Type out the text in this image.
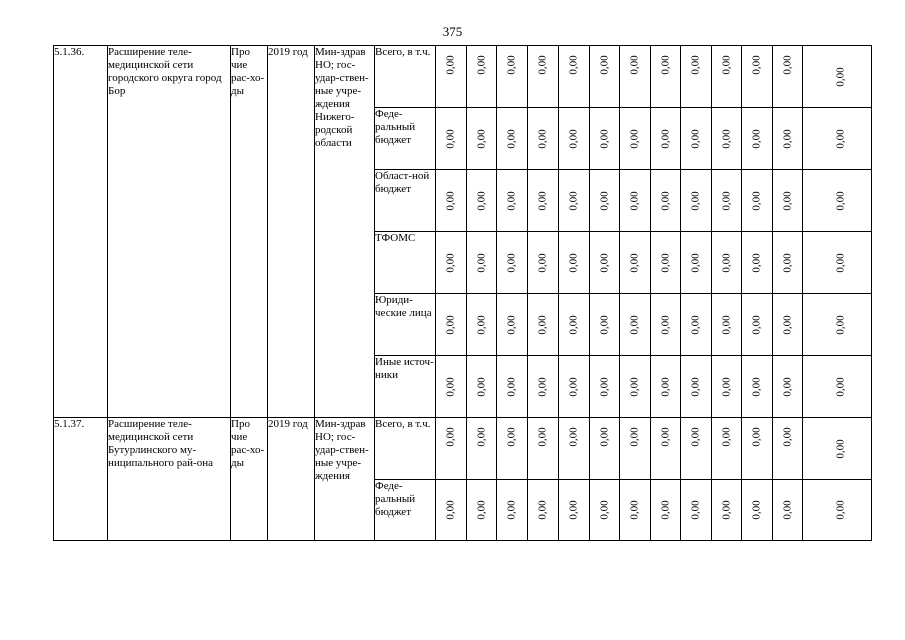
375
5.1.36.	Расширение теле-медицинской сети городского округа город Бор	Про чие рас-хо-ды	2019 год	Мин-здрав НО; гос-удар-ствен-ные учре-ждения Нижего-родской области	Всего, в т.ч.	0,00	0,00	0,00	0,00	0,00	0,00	0,00	0,00	0,00	0,00	0,00	0,00	0,00

					Феде-ральный бюджет	0,00	0,00	0,00	0,00	0,00	0,00	0,00	0,00	0,00	0,00	0,00	0,00	0,00

					Област-ной бюджет	0,00	0,00	0,00	0,00	0,00	0,00	0,00	0,00	0,00	0,00	0,00	0,00	0,00

					ТФОМС	0,00	0,00	0,00	0,00	0,00	0,00	0,00	0,00	0,00	0,00	0,00	0,00	0,00

					Юриди-ческие лица	0,00	0,00	0,00	0,00	0,00	0,00	0,00	0,00	0,00	0,00	0,00	0,00	0,00

					Иные источ-ники	0,00	0,00	0,00	0,00	0,00	0,00	0,00	0,00	0,00	0,00	0,00	0,00	0,00

5.1.37.	Расширение теле-медицинской сети Бутурлинского му-ниципального рай-она	Про чие рас-хо-ды	2019 год	Мин-здрав НО; гос-удар-ствен-ные учре-ждения	Всего, в т.ч.	0,00	0,00	0,00	0,00	0,00	0,00	0,00	0,00	0,00	0,00	0,00	0,00	0,00

					Феде-ральный бюджет	0,00	0,00	0,00	0,00	0,00	0,00	0,00	0,00	0,00	0,00	0,00	0,00	0,00
